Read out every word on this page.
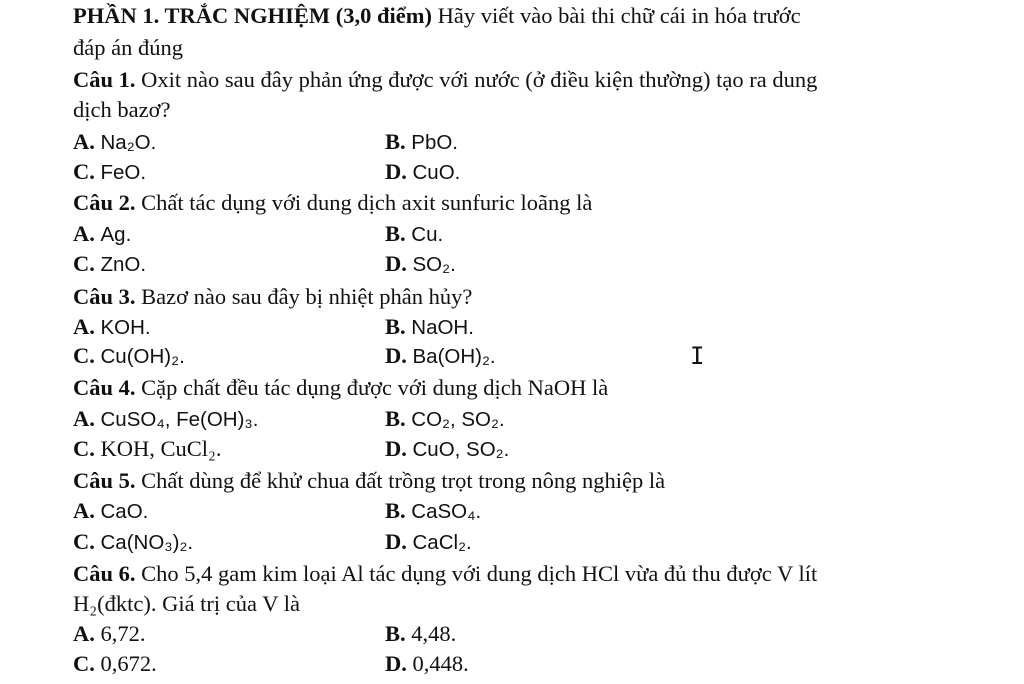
PHẦN 1. TRẮC NGHIỆM (3,0 điểm) Hãy viết vào bài thi chữ cái in hóa trước
đáp án đúng
Câu 1. Oxit nào sau đây phản ứng được với nước (ở điều kiện thường) tạo ra dung
dịch bazơ?
A. Na₂O.	B. PbO.
C. FeO.	D. CuO.
Câu 2. Chất tác dụng với dung dịch axit sunfuric loãng là
A. Ag.	B. Cu.
C. ZnO.	D. SO₂.
Câu 3. Bazơ nào sau đây bị nhiệt phân hủy?
A. KOH.	B. NaOH.
C. Cu(OH)₂.	D. Ba(OH)₂.
Câu 4. Cặp chất đều tác dụng được với dung dịch NaOH là
A. CuSO₄, Fe(OH)₃.	B. CO₂, SO₂.
C. KOH, CuCl₂.	D. CuO, SO₂.
Câu 5. Chất dùng để khử chua đất trồng trọt trong nông nghiệp là
A. CaO.	B. CaSO₄.
C. Ca(NO₃)₂.	D. CaCl₂.
Câu 6. Cho 5,4 gam kim loại Al tác dụng với dung dịch HCl vừa đủ thu được V lít
H₂(đktc). Giá trị của V là
A. 6,72.	B. 4,48.
C. 0,672.	D. 0,448.
I
